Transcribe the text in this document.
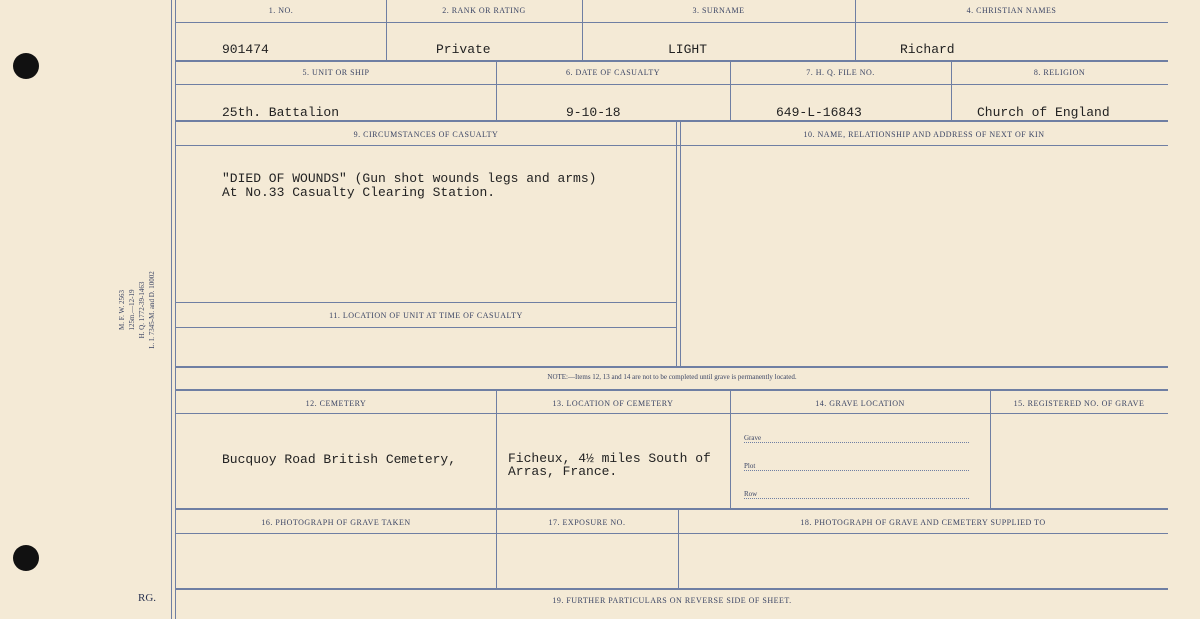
M. F. W. 2563 125m.—12-19 H. Q. 1772-39-1463 L. I. 7345-M. and D. 10002
RG.
1. NO.	2. RANK OR RATING	3. SURNAME	4. CHRISTIAN NAMES
901474	Private	LIGHT	Richard
5. UNIT OR SHIP	6. DATE OF CASUALTY	7. H. Q. FILE NO.	8. RELIGION
25th. Battalion	9-10-18	649-L-16843	Church of England
9. CIRCUMSTANCES OF CASUALTY	10. NAME, RELATIONSHIP AND ADDRESS OF NEXT OF KIN
"DIED OF WOUNDS" (Gun shot wounds legs and arms)
At No.33 Casualty Clearing Station.
11. LOCATION OF UNIT AT TIME OF CASUALTY
NOTE:—Items 12, 13 and 14 are not to be completed until grave is permanently located.
12. CEMETERY	13. LOCATION OF CEMETERY	14. GRAVE LOCATION	15. REGISTERED NO. OF GRAVE
Bucquoy Road British Cemetery,	Ficheux, 4½ miles South of
Arras, France.
Grave
Plot
Row
16. PHOTOGRAPH OF GRAVE TAKEN	17. EXPOSURE NO.	18. PHOTOGRAPH OF GRAVE AND CEMETERY SUPPLIED TO
19. FURTHER PARTICULARS ON REVERSE SIDE OF SHEET.
